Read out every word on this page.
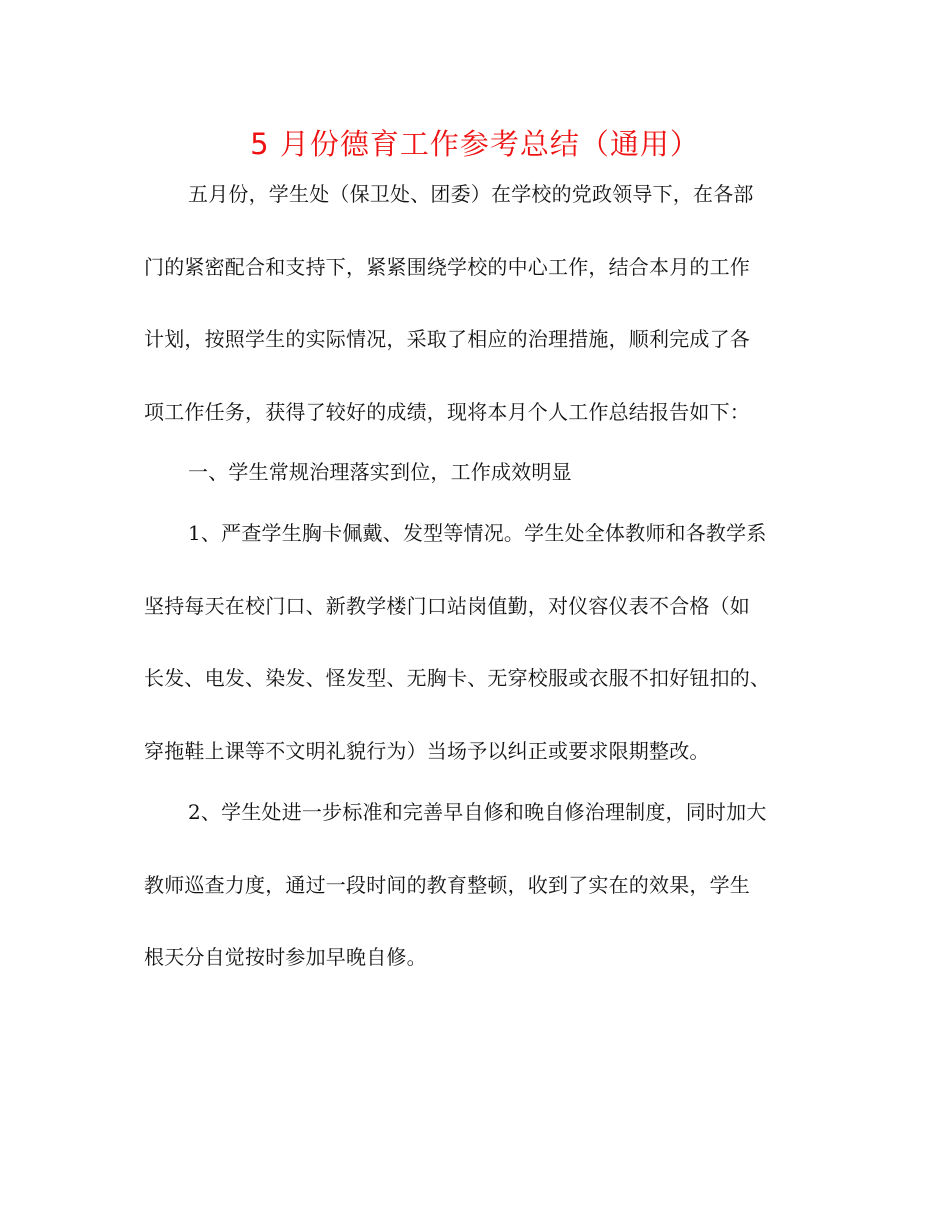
5 月份德育工作参考总结（通用）
五月份，学生处（保卫处、团委）在学校的党政领导下，在各部
门的紧密配合和支持下，紧紧围绕学校的中心工作，结合本月的工作
计划，按照学生的实际情况，采取了相应的治理措施，顺利完成了各
项工作任务，获得了较好的成绩，现将本月个人工作总结报告如下：
一、学生常规治理落实到位，工作成效明显
1、严查学生胸卡佩戴、发型等情况。学生处全体教师和各教学系
坚持每天在校门口、新教学楼门口站岗值勤，对仪容仪表不合格（如
长发、电发、染发、怪发型、无胸卡、无穿校服或衣服不扣好钮扣的、
穿拖鞋上课等不文明礼貌行为）当场予以纠正或要求限期整改。
2、学生处进一步标准和完善早自修和晚自修治理制度，同时加大
教师巡查力度，通过一段时间的教育整顿，收到了实在的效果，学生
根天分自觉按时参加早晚自修。
